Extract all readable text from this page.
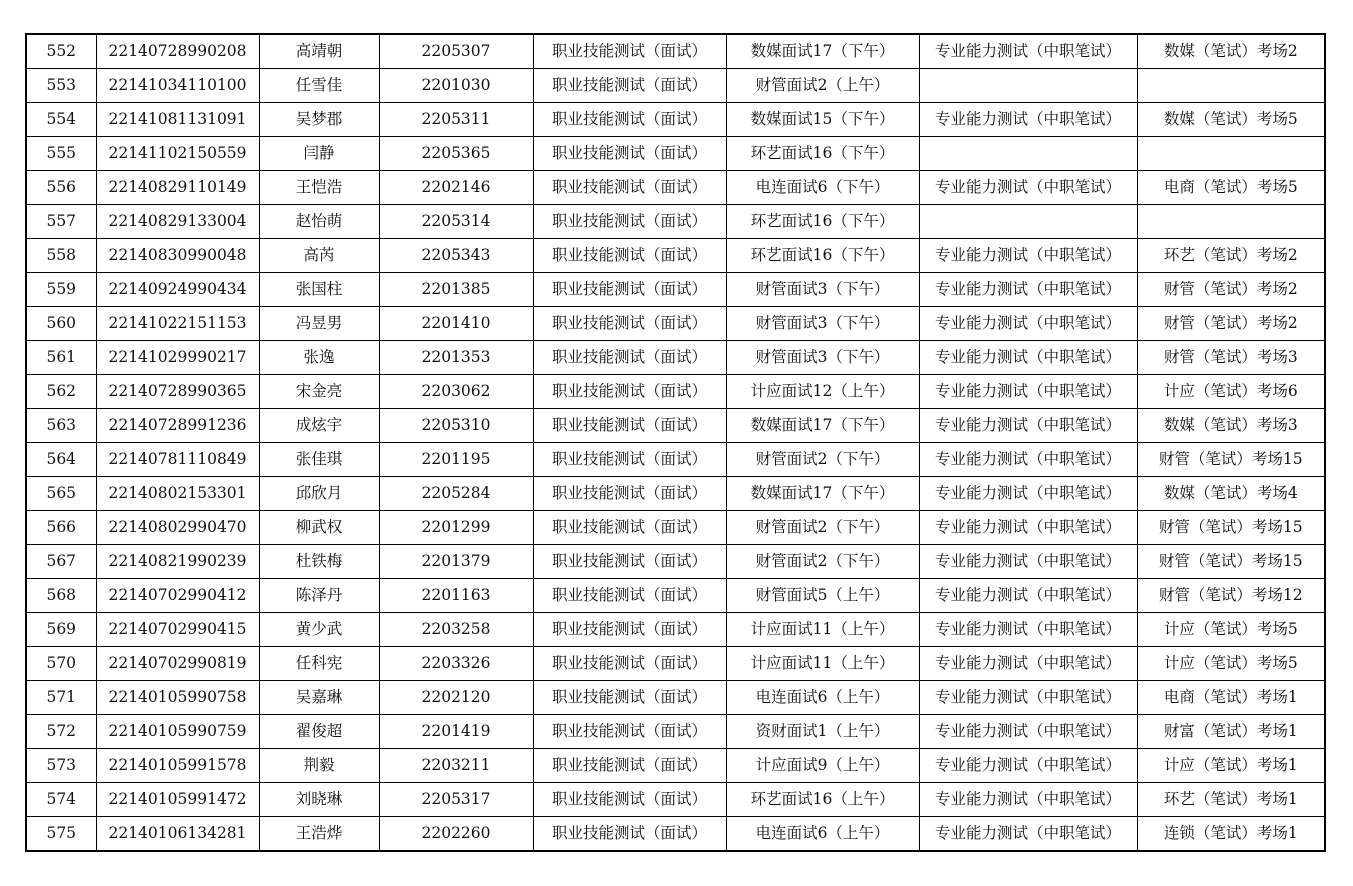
552	22140728990208	高靖朝	2205307	职业技能测试（面试）	数媒面试17（下午）	专业能力测试（中职笔试）	数媒（笔试）考场2
553	22141034110100	任雪佳	2201030	职业技能测试（面试）	财管面试2（上午）		
554	22141081131091	吴梦郡	2205311	职业技能测试（面试）	数媒面试15（下午）	专业能力测试（中职笔试）	数媒（笔试）考场5
555	22141102150559	闫静	2205365	职业技能测试（面试）	环艺面试16（下午）		
556	22140829110149	王恺浩	2202146	职业技能测试（面试）	电连面试6（下午）	专业能力测试（中职笔试）	电商（笔试）考场5
557	22140829133004	赵怡萌	2205314	职业技能测试（面试）	环艺面试16（下午）		
558	22140830990048	高芮	2205343	职业技能测试（面试）	环艺面试16（下午）	专业能力测试（中职笔试）	环艺（笔试）考场2
559	22140924990434	张国柱	2201385	职业技能测试（面试）	财管面试3（下午）	专业能力测试（中职笔试）	财管（笔试）考场2
560	22141022151153	冯昱男	2201410	职业技能测试（面试）	财管面试3（下午）	专业能力测试（中职笔试）	财管（笔试）考场2
561	22141029990217	张逸	2201353	职业技能测试（面试）	财管面试3（下午）	专业能力测试（中职笔试）	财管（笔试）考场3
562	22140728990365	宋金亮	2203062	职业技能测试（面试）	计应面试12（上午）	专业能力测试（中职笔试）	计应（笔试）考场6
563	22140728991236	成炫宇	2205310	职业技能测试（面试）	数媒面试17（下午）	专业能力测试（中职笔试）	数媒（笔试）考场3
564	22140781110849	张佳琪	2201195	职业技能测试（面试）	财管面试2（下午）	专业能力测试（中职笔试）	财管（笔试）考场15
565	22140802153301	邱欣月	2205284	职业技能测试（面试）	数媒面试17（下午）	专业能力测试（中职笔试）	数媒（笔试）考场4
566	22140802990470	柳武权	2201299	职业技能测试（面试）	财管面试2（下午）	专业能力测试（中职笔试）	财管（笔试）考场15
567	22140821990239	杜铁梅	2201379	职业技能测试（面试）	财管面试2（下午）	专业能力测试（中职笔试）	财管（笔试）考场15
568	22140702990412	陈泽丹	2201163	职业技能测试（面试）	财管面试5（上午）	专业能力测试（中职笔试）	财管（笔试）考场12
569	22140702990415	黄少武	2203258	职业技能测试（面试）	计应面试11（上午）	专业能力测试（中职笔试）	计应（笔试）考场5
570	22140702990819	任科宪	2203326	职业技能测试（面试）	计应面试11（上午）	专业能力测试（中职笔试）	计应（笔试）考场5
571	22140105990758	吴嘉琳	2202120	职业技能测试（面试）	电连面试6（上午）	专业能力测试（中职笔试）	电商（笔试）考场1
572	22140105990759	翟俊超	2201419	职业技能测试（面试）	资财面试1（上午）	专业能力测试（中职笔试）	财富（笔试）考场1
573	22140105991578	荆毅	2203211	职业技能测试（面试）	计应面试9（上午）	专业能力测试（中职笔试）	计应（笔试）考场1
574	22140105991472	刘晓琳	2205317	职业技能测试（面试）	环艺面试16（上午）	专业能力测试（中职笔试）	环艺（笔试）考场1
575	22140106134281	王浩烨	2202260	职业技能测试（面试）	电连面试6（上午）	专业能力测试（中职笔试）	连锁（笔试）考场1
